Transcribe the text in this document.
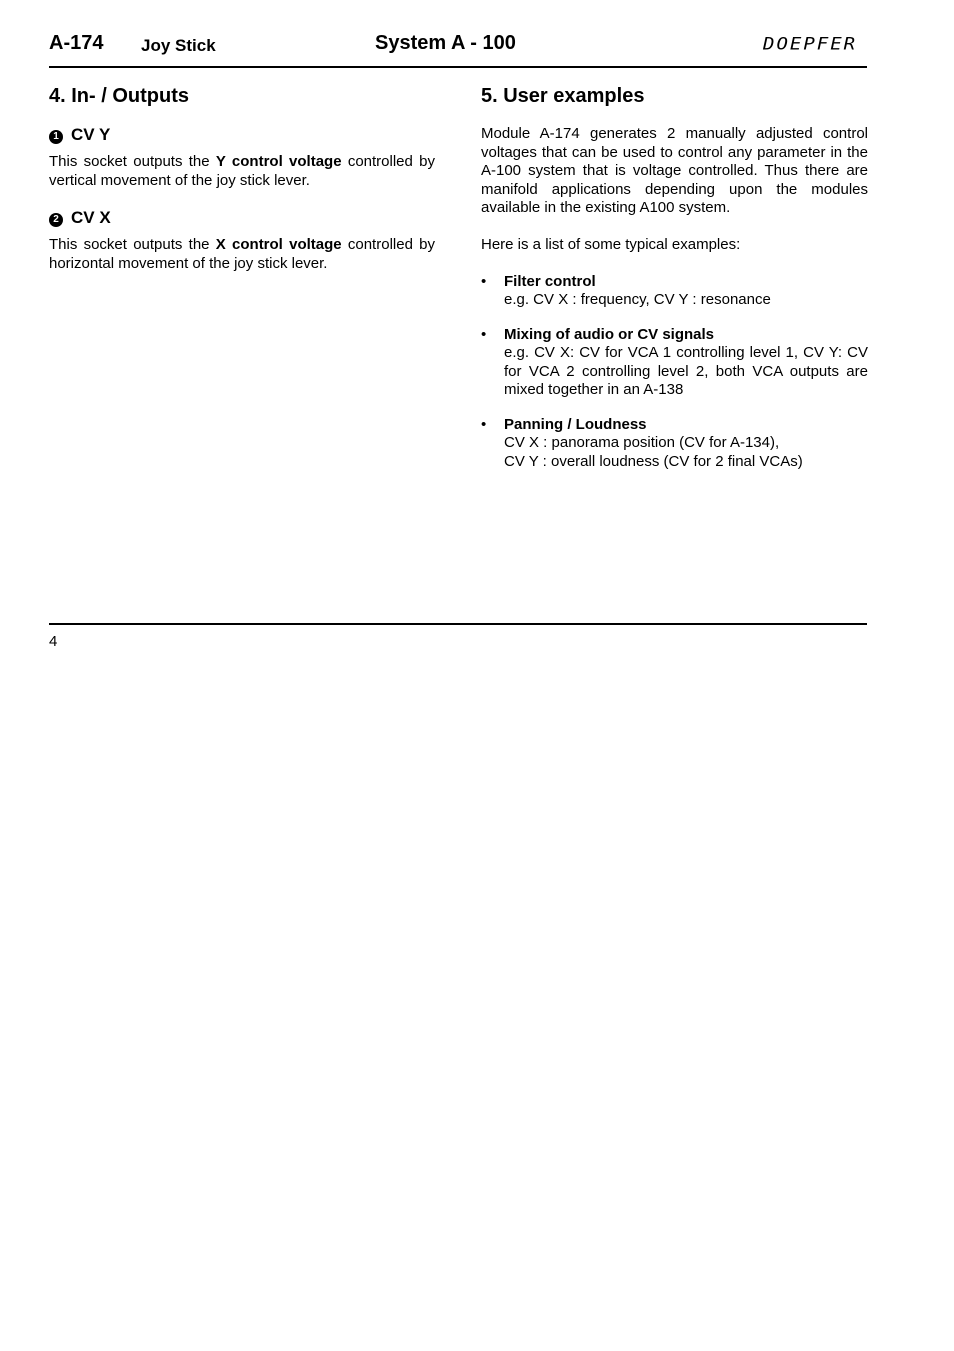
A-174 Joy Stick	System A - 100	DOEPFER
4. In- / Outputs
1 CV Y

This socket outputs the Y control voltage controlled by vertical movement of the joy stick lever.

2 CV X

This socket outputs the X control voltage controlled by horizontal movement of the joy stick lever.

5. User examples

Module A-174 generates 2 manually adjusted control voltages that can be used to control any parameter in the A-100 system that is voltage controlled. Thus there are manifold applications depending upon the modules available in the existing A100 system.

Here is a list of some typical examples:

• Filter control
e.g. CV X : frequency, CV Y : resonance
• Mixing of audio or CV signals
e.g. CV X: CV for VCA 1 controlling level 1, CV Y: CV for VCA 2 controlling level 2, both VCA outputs are mixed together in an A-138
• Panning / Loudness
CV X : panorama position (CV for A-134),
CV Y : overall loudness (CV for 2 final VCAs)
4
